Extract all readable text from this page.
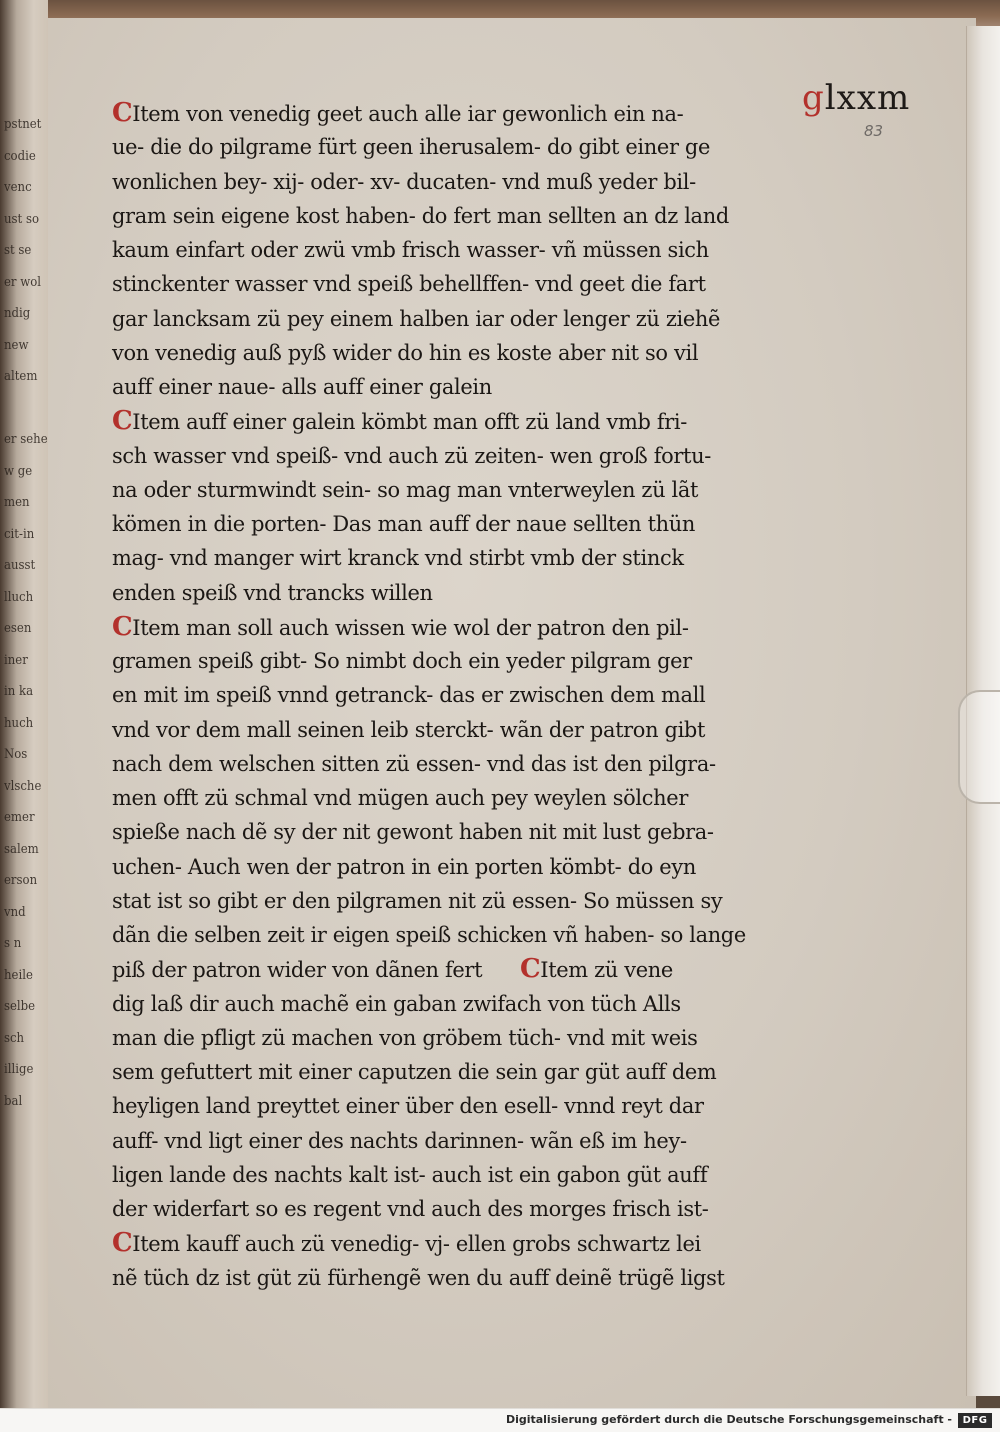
pstnet
codie
venc
ust so
st se
er wol
ndig
new
altem
er sehe
w ge
men
cit-in
ausst
lluch
esen
iner
in ka
huch
Nos
vlsche
emer
salem
erson
vnd
s n
heile
selbe
sch
illige
bal
glxxm
83
CItem von venedig geet auch alle iar gewonlich ein na-
ue- die do pilgrame fürt geen iherusalem- do gibt einer ge
wonlichen bey- xij- oder- xv- ducaten- vnd muß yeder bil-
gram sein eigene kost haben- do fert man sellten an dz land
kaum einfart oder zwü vmb frisch wasser- vñ müssen sich
stinckenter wasser vnd speiß behellffen- vnd geet die fart
gar lancksam zü pey einem halben iar oder lenger zü ziehẽ
von venedig auß pyß wider do hin es koste aber nit so vil
auff einer naue- alls auff einer galein
CItem auff einer galein kömbt man offt zü land vmb fri-
sch wasser vnd speiß- vnd auch zü zeiten- wen groß fortu-
na oder sturmwindt sein- so mag man vnterweylen zü lãt
kömen in die porten- Das man auff der naue sellten thün
mag- vnd manger wirt kranck vnd stirbt vmb der stinck
enden speiß vnd trancks willen
CItem man soll auch wissen wie wol der patron den pil-
gramen speiß gibt- So nimbt doch ein yeder pilgram ger
en mit im speiß vnnd getranck- das er zwischen dem mall
vnd vor dem mall seinen leib sterckt- wãn der patron gibt
nach dem welschen sitten zü essen- vnd das ist den pilgra-
men offt zü schmal vnd mügen auch pey weylen sölcher
spieße nach dẽ sy der nit gewont haben nit mit lust gebra-
uchen- Auch wen der patron in ein porten kömbt- do eyn
stat ist so gibt er den pilgramen nit zü essen- So müssen sy
dãn die selben zeit ir eigen speiß schicken vñ haben- so lange
piß der patron wider von dãnen fert      CItem zü vene
dig laß dir auch machẽ ein gaban zwifach von tüch Alls
man die pfligt zü machen von gröbem tüch- vnd mit weis
sem gefuttert mit einer caputzen die sein gar güt auff dem
heyligen land preyttet einer über den esell- vnnd reyt dar
auff- vnd ligt einer des nachts darinnen- wãn eß im hey-
ligen lande des nachts kalt ist- auch ist ein gabon güt auff
der widerfart so es regent vnd auch des morges frisch ist-
CItem kauff auch zü venedig- vj- ellen grobs schwartz lei
nẽ tüch dz ist güt zü fürhengẽ wen du auff deinẽ trügẽ ligst
Digitalisierung gefördert durch die Deutsche Forschungsgemeinschaft -	DFG
